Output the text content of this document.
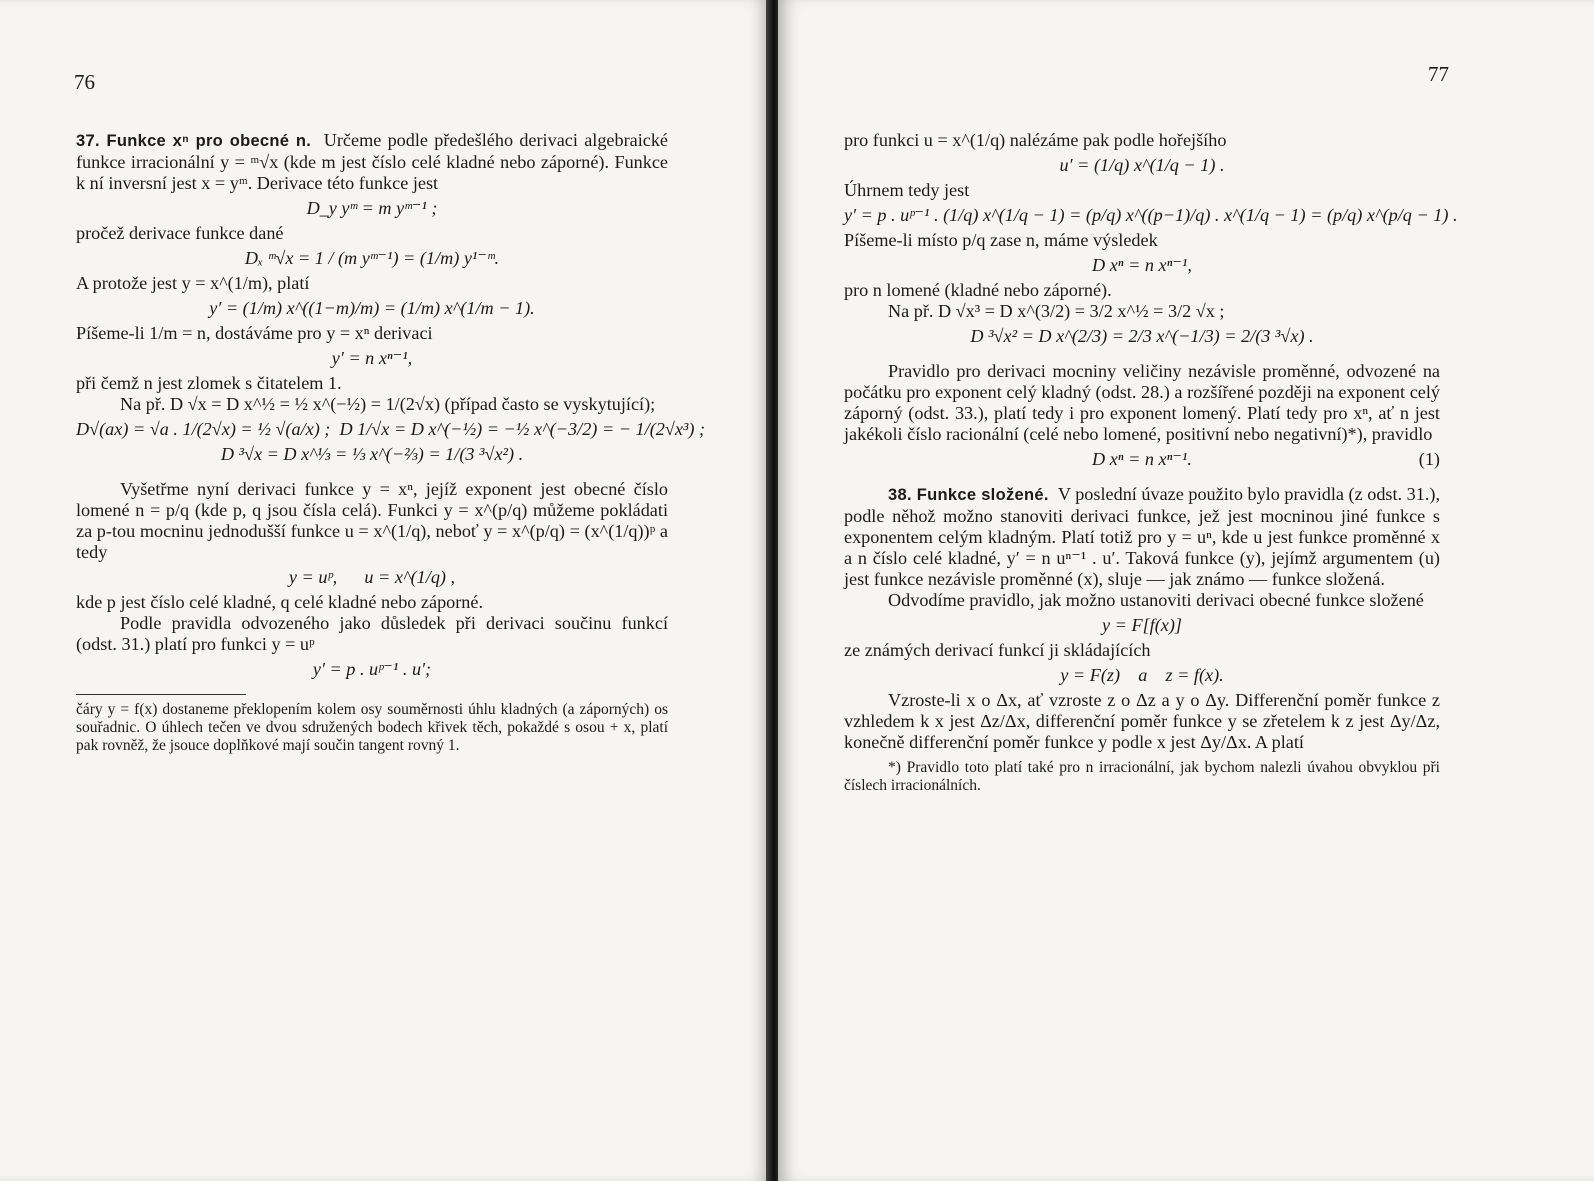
76

37. Funkce xⁿ pro obecné n. Určeme podle předešlého derivaci algebraické funkce irracionální y = ᵐ√x (kde m jest číslo celé kladné nebo záporné). Funkce k ní inversní jest x = yᵐ. Derivace této funkce jest

D_y yᵐ = m yᵐ⁻¹ ;

pročež derivace funkce dané

Dₓ ᵐ√x = 1 / (m yᵐ⁻¹) = (1/m) y¹⁻ᵐ.

A protože jest y = x^(1/m), platí

y′ = (1/m) x^((1−m)/m) = (1/m) x^(1/m − 1).

Píšeme-li 1/m = n, dostáváme pro y = xⁿ derivaci

y′ = n xⁿ⁻¹,

při čemž n jest zlomek s čitatelem 1.

Na př. D √x = D x^½ = ½ x^(−½) = 1/(2√x) (případ často se vyskytující);

D√(ax) = √a . 1/(2√x) = ½ √(a/x) ;  D 1/√x = D x^(−½) = −½ x^(−3/2) = − 1/(2√x³) ;
D ³√x = D x^⅓ = ⅓ x^(−⅔) = 1/(3 ³√x²) .

Vyšetřme nyní derivaci funkce y = xⁿ, jejíž exponent jest obecné číslo lomené n = p/q (kde p, q jsou čísla celá). Funkci y = x^(p/q) můžeme pokládati za p-tou mocninu jednodušší funkce u = x^(1/q), neboť y = x^(p/q) = (x^(1/q))ᵖ a tedy

y = uᵖ,      u = x^(1/q) ,

kde p jest číslo celé kladné, q celé kladné nebo záporné.

Podle pravidla odvozeného jako důsledek při derivaci součinu funkcí (odst. 31.) platí pro funkci y = uᵖ

y′ = p . uᵖ⁻¹ . u′;

čáry y = f(x) dostaneme překlopením kolem osy souměrnosti úhlu kladných (a záporných) os souřadnic. O úhlech tečen ve dvou sdružených bodech křivek těch, pokaždé s osou + x, platí pak rovněž, že jsouce doplňkové mají součin tangent rovný 1.

77

pro funkci u = x^(1/q) nalézáme pak podle hořejšího

u′ = (1/q) x^(1/q − 1) .

Úhrnem tedy jest

y′ = p . uᵖ⁻¹ . (1/q) x^(1/q − 1) = (p/q) x^((p−1)/q) . x^(1/q − 1) = (p/q) x^(p/q − 1) .

Píšeme-li místo p/q zase n, máme výsledek

D xⁿ = n xⁿ⁻¹,

pro n lomené (kladné nebo záporné).

Na př. D √x³ = D x^(3/2) = 3/2 x^½ = 3/2 √x ;

D ³√x² = D x^(2/3) = 2/3 x^(−1/3) = 2/(3 ³√x) .

Pravidlo pro derivaci mocniny veličiny nezávisle proměnné, odvozené na počátku pro exponent celý kladný (odst. 28.) a rozšířené později na exponent celý záporný (odst. 33.), platí tedy i pro exponent lomený. Platí tedy pro xⁿ, ať n jest jakékoli číslo racionální (celé nebo lomené, positivní nebo negativní)*), pravidlo

D xⁿ = n xⁿ⁻¹.	(1)

38. Funkce složené. V poslední úvaze použito bylo pravidla (z odst. 31.), podle něhož možno stanoviti derivaci funkce, jež jest mocninou jiné funkce s exponentem celým kladným. Platí totiž pro y = uⁿ, kde u jest funkce proměnné x a n číslo celé kladné, y′ = n uⁿ⁻¹ . u′. Taková funkce (y), jejímž argumentem (u) jest funkce nezávisle proměnné (x), sluje — jak známo — funkce složená.

Odvodíme pravidlo, jak možno ustanoviti derivaci obecné funkce složené

y = F[f(x)]

ze známých derivací funkcí ji skládajících

y = F(z)    a    z = f(x).

Vzroste-li x o Δx, ať vzroste z o Δz a y o Δy. Differenční poměr funkce z vzhledem k x jest Δz/Δx, differenční poměr funkce y se zřetelem k z jest Δy/Δz, konečně differenční poměr funkce y podle x jest Δy/Δx. A platí

*) Pravidlo toto platí také pro n irracionální, jak bychom nalezli úvahou obvyklou při číslech irracionálních.
